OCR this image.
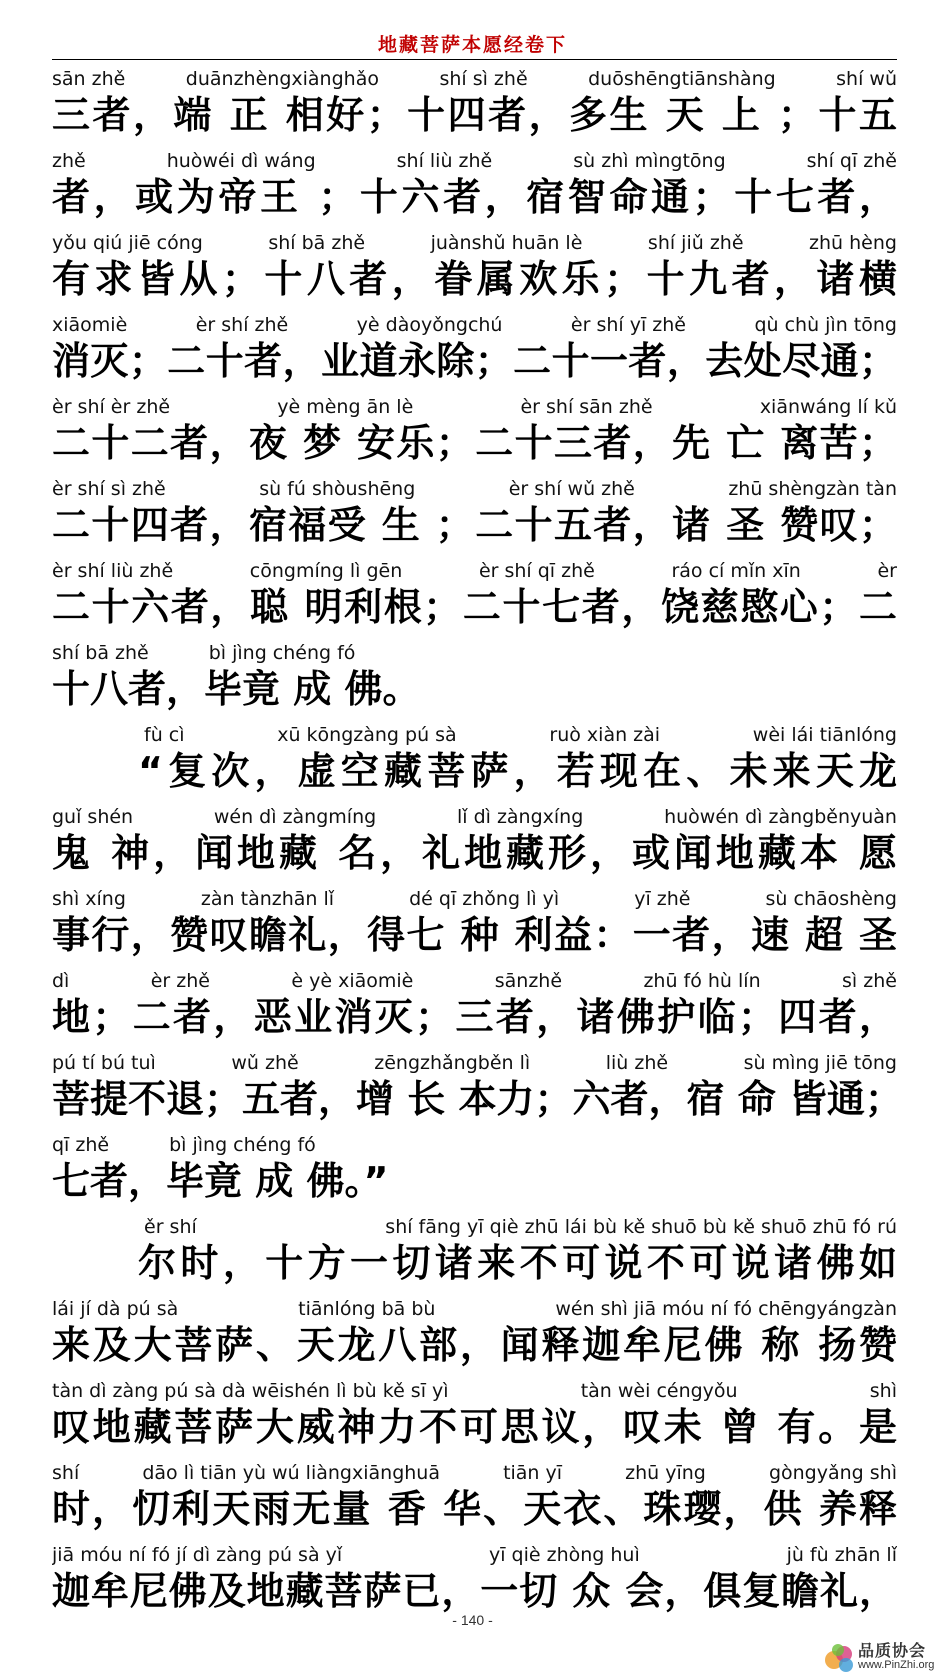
地藏菩萨本愿经卷下
sān zhě	duānzhèngxiànghǎo	shí sì zhě	duōshēngtiānshàng	shí wǔ
三者，端 正 相好；十四者，多生 天 上 ；十五
zhě	huòwéi dì wáng	shí liù zhě	sù zhì mìngtōng	shí qī zhě
者，或为帝王 ；十六者，宿智命通；十七者，
yǒu qiú jiē cóng	shí bā zhě	juànshǔ huān lè	shí jiǔ zhě	zhū hèng
有求皆从；十八者，眷属欢乐；十九者，诸横
xiāomiè	èr shí zhě	yè dàoyǒngchú	èr shí yī zhě	qù chù jìn tōng
消灭；二十者，业道永除；二十一者，去处尽通；
èr shí èr zhě	yè mèng ān lè	èr shí sān zhě	xiānwáng lí kǔ
二十二者，夜 梦 安乐；二十三者，先 亡 离苦；
èr shí sì zhě	sù fú shòushēng	èr shí wǔ zhě	zhū shèngzàn tàn
二十四者，宿福受 生 ；二十五者，诸 圣 赞叹；
èr shí liù zhě	cōngmíng lì gēn	èr shí qī zhě	ráo cí mǐn xīn	èr
二十六者，聪 明利根；二十七者，饶慈愍心；二
shí bā zhě	bì jìng chéng fó
十八者，毕竟 成 佛。
fù cì	xū kōngzàng pú sà	ruò xiàn zài	wèi lái tiānlóng
“复次，虚空藏菩萨，若现在、未来天龙
guǐ shén	wén dì zàngmíng	lǐ dì zàngxíng	huòwén dì zàngběnyuàn
鬼 神，闻地藏 名，礼地藏形，或闻地藏本 愿
shì xíng	zàn tànzhān lǐ	dé qī zhǒng lì yì	yī zhě	sù chāoshèng
事行，赞叹瞻礼，得七 种 利益：一者，速 超 圣
dì	èr zhě	è yè xiāomiè	sānzhě	zhū fó hù lín	sì zhě
地；二者，恶业消灭；三者，诸佛护临；四者，
pú tí bú tuì	wǔ zhě	zēngzhǎngběn lì	liù zhě	sù mìng jiē tōng
菩提不退；五者，增 长 本力；六者，宿 命 皆通；
qī zhě	bì jìng chéng fó
七者，毕竟 成 佛。”
ěr shí	shí fāng yī qiè zhū lái bù kě shuō bù kě shuō zhū fó rú
尔时，十方一切诸来不可说不可说诸佛如
lái jí dà pú sà	tiānlóng bā bù	wén shì jiā móu ní fó chēngyángzàn
来及大菩萨、天龙八部，闻释迦牟尼佛 称 扬赞
tàn dì zàng pú sà dà wēishén lì bù kě sī yì	tàn wèi céngyǒu	shì
叹地藏菩萨大威神力不可思议，叹未 曾 有。是
shí	dāo lì tiān yù wú liàngxiānghuā	tiān yī	zhū yīng	gòngyǎng shì
时，忉利天雨无量 香 华、天衣、珠璎，供 养释
jiā móu ní fó jí dì zàng pú sà yǐ	yī qiè zhòng huì	jù fù zhān lǐ
迦牟尼佛及地藏菩萨已，一切 众 会，俱复瞻礼，
- 140 -
品质协会
www.PinZhi.org
